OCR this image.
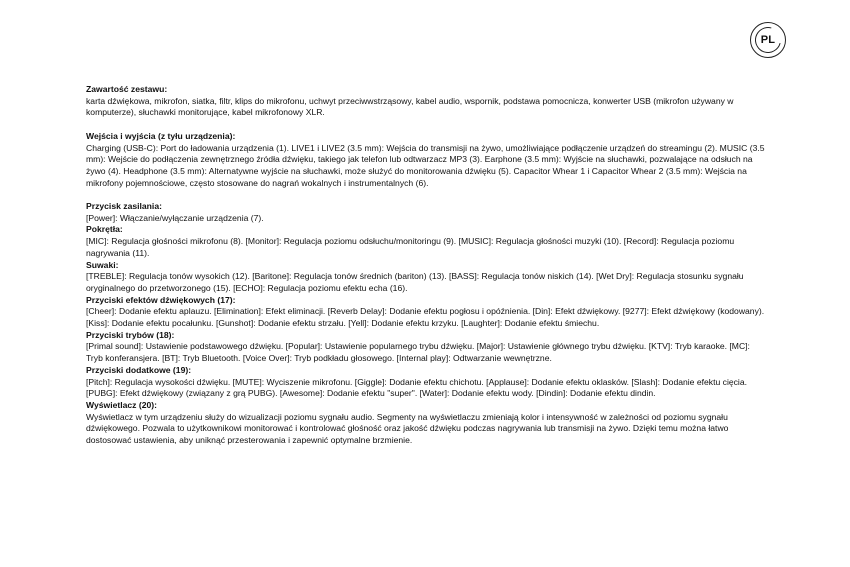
PL
Zawartość zestawu:
karta dźwiękowa, mikrofon, siatka, filtr, klips do mikrofonu, uchwyt przeciwwstrząsowy, kabel audio, wspornik, podstawa pomocnicza, konwerter USB (mikrofon używany w komputerze), słuchawki monitorujące, kabel mikrofonowy XLR.
Wejścia i wyjścia (z tyłu urządzenia):
Charging (USB-C): Port do ładowania urządzenia (1). LIVE1 i LIVE2 (3.5 mm): Wejścia do transmisji na żywo, umożliwiające podłączenie urządzeń do streamingu (2). MUSIC (3.5 mm): Wejście do podłączenia zewnętrznego źródła dźwięku, takiego jak telefon lub odtwarzacz MP3 (3). Earphone (3.5 mm): Wyjście na słuchawki, pozwalające na odsłuch na żywo (4). Headphone (3.5 mm): Alternatywne wyjście na słuchawki, może służyć do monitorowania dźwięku (5). Capacitor Whear 1 i Capacitor Whear 2 (3.5 mm): Wejścia na mikrofony pojemnościowe, często stosowane do nagrań wokalnych i instrumentalnych (6).
Przycisk zasilania:
[Power]: Włączanie/wyłączanie urządzenia (7).
Pokrętła:
[MIC]: Regulacja głośności mikrofonu (8). [Monitor]: Regulacja poziomu odsłuchu/monitoringu (9). [MUSIC]: Regulacja głośności muzyki (10). [Record]: Regulacja poziomu nagrywania (11).
Suwaki:
[TREBLE]: Regulacja tonów wysokich (12). [Baritone]: Regulacja tonów średnich (bariton) (13). [BASS]: Regulacja tonów niskich (14). [Wet Dry]: Regulacja stosunku sygnału oryginalnego do przetworzonego (15). [ECHO]: Regulacja poziomu efektu echa (16).
Przyciski efektów dźwiękowych (17):
[Cheer]: Dodanie efektu aplauzu. [Elimination]: Efekt eliminacji. [Reverb Delay]: Dodanie efektu pogłosu i opóźnienia. [Din]: Efekt dźwiękowy. [9277]: Efekt dźwiękowy (kodowany). [Kiss]: Dodanie efektu pocałunku. [Gunshot]: Dodanie efektu strzału. [Yell]: Dodanie efektu krzyku. [Laughter]: Dodanie efektu śmiechu.
Przyciski trybów (18):
[Primal sound]: Ustawienie podstawowego dźwięku. [Popular]: Ustawienie popularnego trybu dźwięku. [Major]: Ustawienie głównego trybu dźwięku. [KTV]: Tryb karaoke. [MC]: Tryb konferansjera. [BT]: Tryb Bluetooth. [Voice Over]: Tryb podkładu głosowego. [Internal play]: Odtwarzanie wewnętrzne.
Przyciski dodatkowe (19):
[Pitch]: Regulacja wysokości dźwięku. [MUTE]: Wyciszenie mikrofonu. [Giggle]: Dodanie efektu chichotu. [Applause]: Dodanie efektu oklasków. [Slash]: Dodanie efektu cięcia. [PUBG]: Efekt dźwiękowy (związany z grą PUBG). [Awesome]: Dodanie efektu "super". [Water]: Dodanie efektu wody. [Dindin]: Dodanie efektu dindin.
Wyświetlacz (20):
Wyświetlacz w tym urządzeniu służy do wizualizacji poziomu sygnału audio. Segmenty na wyświetlaczu zmieniają kolor i intensywność w zależności od poziomu sygnału dźwiękowego. Pozwala to użytkownikowi monitorować i kontrolować głośność oraz jakość dźwięku podczas nagrywania lub transmisji na żywo. Dzięki temu można łatwo dostosować ustawienia, aby uniknąć przesterowania i zapewnić optymalne brzmienie.
